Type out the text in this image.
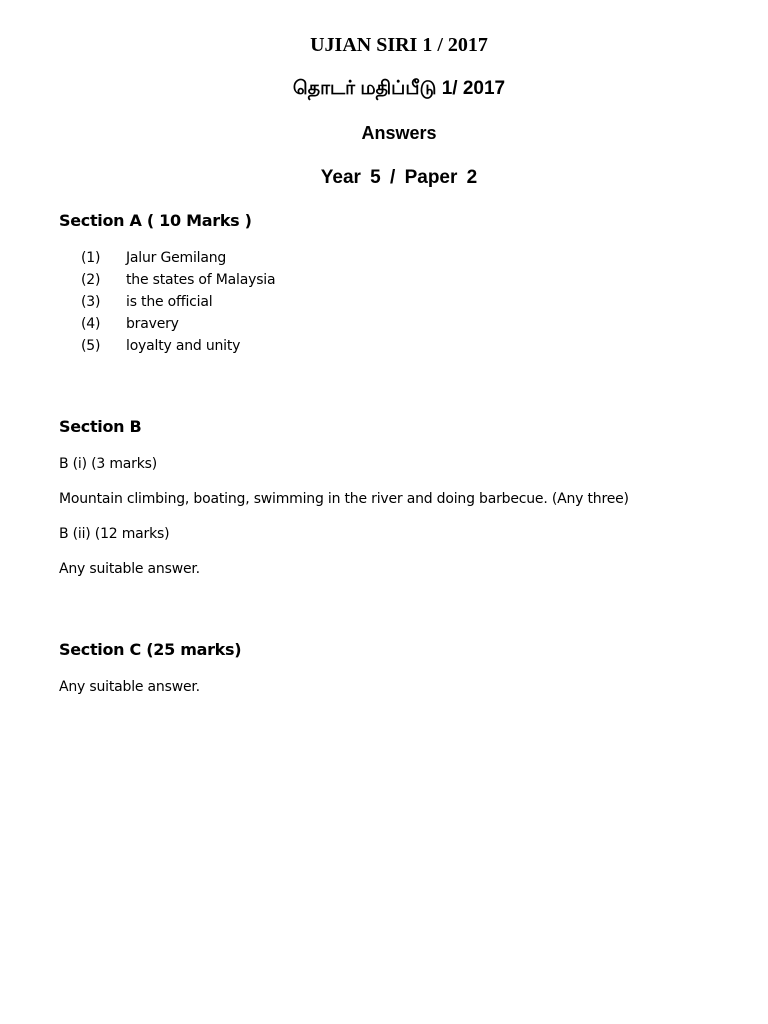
UJIAN SIRI 1 / 2017
தொடர் மதிப்பீடு 1/ 2017
Answers
Year 5 / Paper 2
Section A ( 10 Marks )
(1) Jalur Gemilang
(2) the states of Malaysia
(3) is the official
(4) bravery
(5) loyalty and unity
Section B
B (i) (3 marks)
Mountain climbing, boating, swimming in the river and doing barbecue. (Any three)
B (ii) (12 marks)
Any suitable answer.
Section C (25 marks)
Any suitable answer.
